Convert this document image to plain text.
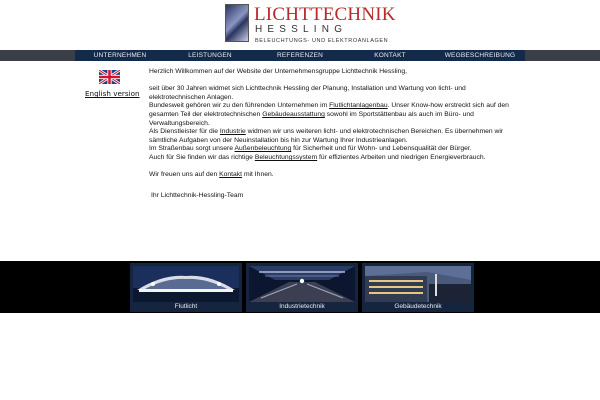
LICHTTECHNIK
HESSLING
BELEUCHTUNGS- UND ELEKTROANLAGEN
UNTERNEHMEN	LEISTUNGEN	REFERENZEN	KONTAKT	WEGBESCHREIBUNG
English version

Herzlich Willkommen auf der Website der Unternehmensgruppe Lichttechnik Hessling,

seit über 30 Jahren widmet sich Lichttechnik Hessling der Planung, Installation und Wartung von licht- und elektrotechnischen Anlagen.

Bundesweit gehören wir zu den führenden Unternehmen im Flutlichtanlagenbau. Unser Know-how erstreckt sich auf den gesamten Teil der elektrotechnischen Gebäudeausstattung sowohl im Sportstättenbau als auch im Büro- und Verwaltungsbereich.

Als Dienstleister für die Industrie widmen wir uns weiteren licht- und elektrotechnischen Bereichen. Es übernehmen wir sämtliche Aufgaben von der Neuinstallation bis hin zur Wartung Ihrer Industrieanlagen.

Im Straßenbau sorgt unsere Außenbeleuchtung für Sicherheit und für Wohn- und Lebensqualität der Bürger.

Auch für Sie finden wir das richtige Beleuchtungssystem für effizientes Arbeiten und niedrigen Energieverbrauch.

Wir freuen uns auf den Kontakt mit Ihnen.

Ihr Lichttechnik-Hessling-Team

Flutlicht	Industrietechnik	Gebäudetechnik
